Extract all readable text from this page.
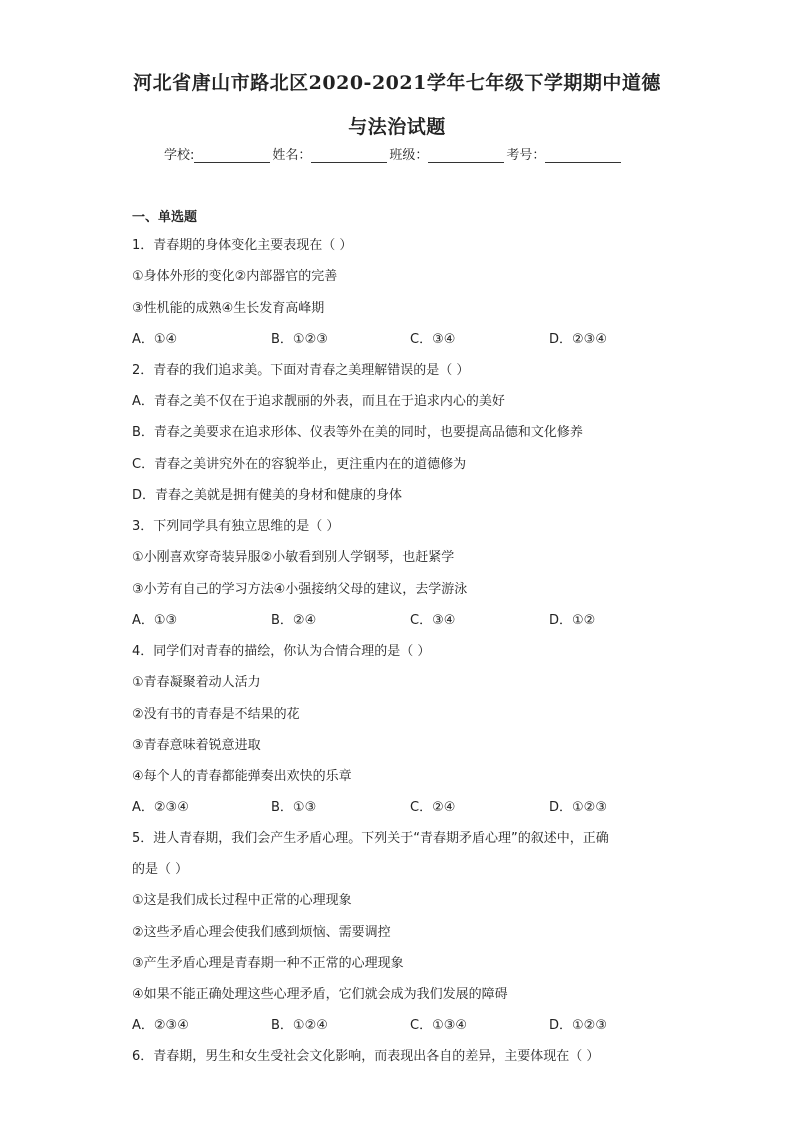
河北省唐山市路北区2020-2021学年七年级下学期期中道德
与法治试题
学校:	姓名：	班级：	考号：
一、单选题
1．青春期的身体变化主要表现在（ ）
①身体外形的变化②内部器官的完善
③性机能的成熟④生长发育高峰期
A．①④	B．①②③	C．③④	D．②③④
2．青春的我们追求美。下面对青春之美理解错误的是（ ）
A．青春之美不仅在于追求靓丽的外表，而且在于追求内心的美好
B．青春之美要求在追求形体、仪表等外在美的同时，也要提高品德和文化修养
C．青春之美讲究外在的容貌举止，更注重内在的道德修为
D．青春之美就是拥有健美的身材和健康的身体
3．下列同学具有独立思维的是（ ）
①小刚喜欢穿奇装异服②小敏看到别人学钢琴，也赶紧学
③小芳有自己的学习方法④小强接纳父母的建议，去学游泳
A．①③	B．②④	C．③④	D．①②
4．同学们对青春的描绘，你认为合情合理的是（ ）
①青春凝聚着动人活力
②没有书的青春是不结果的花
③青春意味着锐意进取
④每个人的青春都能弹奏出欢快的乐章
A．②③④	B．①③	C．②④	D．①②③
5．进人青春期，我们会产生矛盾心理。下列关于“青春期矛盾心理”的叙述中，正确
的是（ ）
①这是我们成长过程中正常的心理现象
②这些矛盾心理会使我们感到烦恼、需要调控
③产生矛盾心理是青春期一种不正常的心理现象
④如果不能正确处理这些心理矛盾，它们就会成为我们发展的障碍
A．②③④	B．①②④	C．①③④	D．①②③
6．青春期，男生和女生受社会文化影响，而表现出各自的差异，主要体现在（ ）
